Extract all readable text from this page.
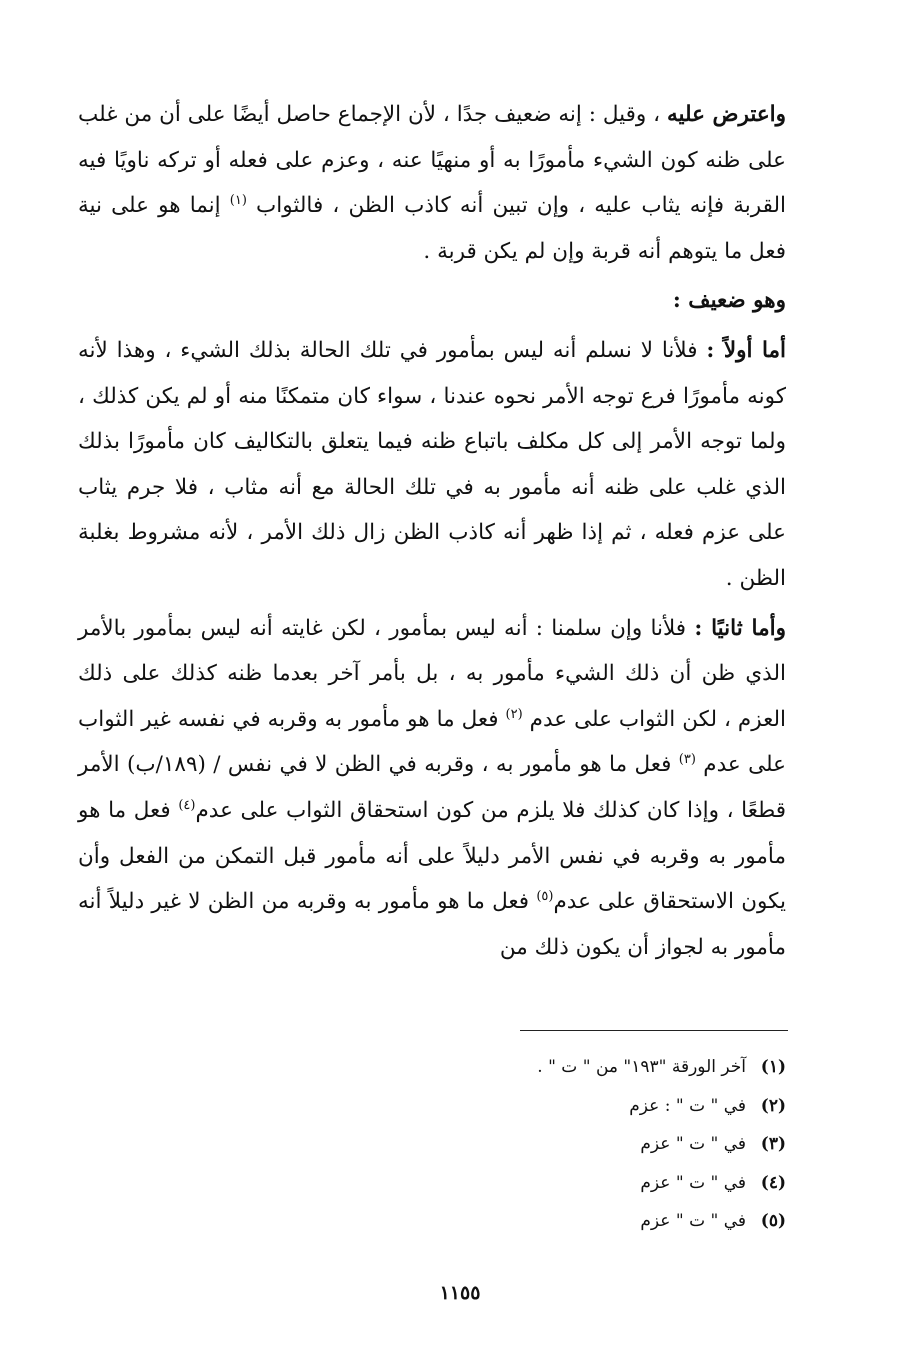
واعترض عليه ، وقيل : إنه ضعيف جدًا ، لأن الإجماع حاصل أيضًا على أن من غلب على ظنه كون الشيء مأمورًا به أو منهيًا عنه ، وعزم على فعله أو تركه ناويًا فيه القربة فإنه يثاب عليه ، وإن تبين أنه كاذب الظن ، فالثواب $^{(١)}$ إنما هو على نية فعل ما يتوهم أنه قربة وإن لم يكن قربة .

وهو ضعيف :

أما أولاً : فلأنا لا نسلم أنه ليس بمأمور في تلك الحالة بذلك الشيء ، وهذا لأنه كونه مأمورًا فرع توجه الأمر نحوه عندنا ، سواء كان متمكنًا منه أو لم يكن كذلك ، ولما توجه الأمر إلى كل مكلف باتباع ظنه فيما يتعلق بالتكاليف كان مأمورًا بذلك الذي غلب على ظنه أنه مأمور به في تلك الحالة مع أنه مثاب ، فلا جرم يثاب على عزم فعله ، ثم إذا ظهر أنه كاذب الظن زال ذلك الأمر ، لأنه مشروط بغلبة الظن .

وأما ثانيًا : فلأنا وإن سلمنا : أنه ليس بمأمور ، لكن غايته أنه ليس بمأمور بالأمر الذي ظن أن ذلك الشيء مأمور به ، بل بأمر آخر بعدما ظنه كذلك على ذلك العزم ، لكن الثواب على عدم $^{(٢)}$ فعل ما هو مأمور به وقربه في نفسه غير الثواب على عدم $^{(٣)}$ فعل ما هو مأمور به ، وقربه في الظن لا في نفس / (١٨٩/ب) الأمر قطعًا ، وإذا كان كذلك فلا يلزم من كون استحقاق الثواب على عدم$^{(٤)}$ فعل ما هو مأمور به وقربه في نفس الأمر دليلاً على أنه مأمور قبل التمكن من الفعل وأن يكون الاستحقاق على عدم$^{(٥)}$ فعل ما هو مأمور به وقربه من الظن لا غير دليلاً أنه مأمور به لجواز أن يكون ذلك من

(١)آخر الورقة "١٩٣" من " ت " .

(٢)في " ت " : عزم

(٣)في " ت " عزم

(٤)في " ت " عزم

(٥)في " ت " عزم

١١٥٥
